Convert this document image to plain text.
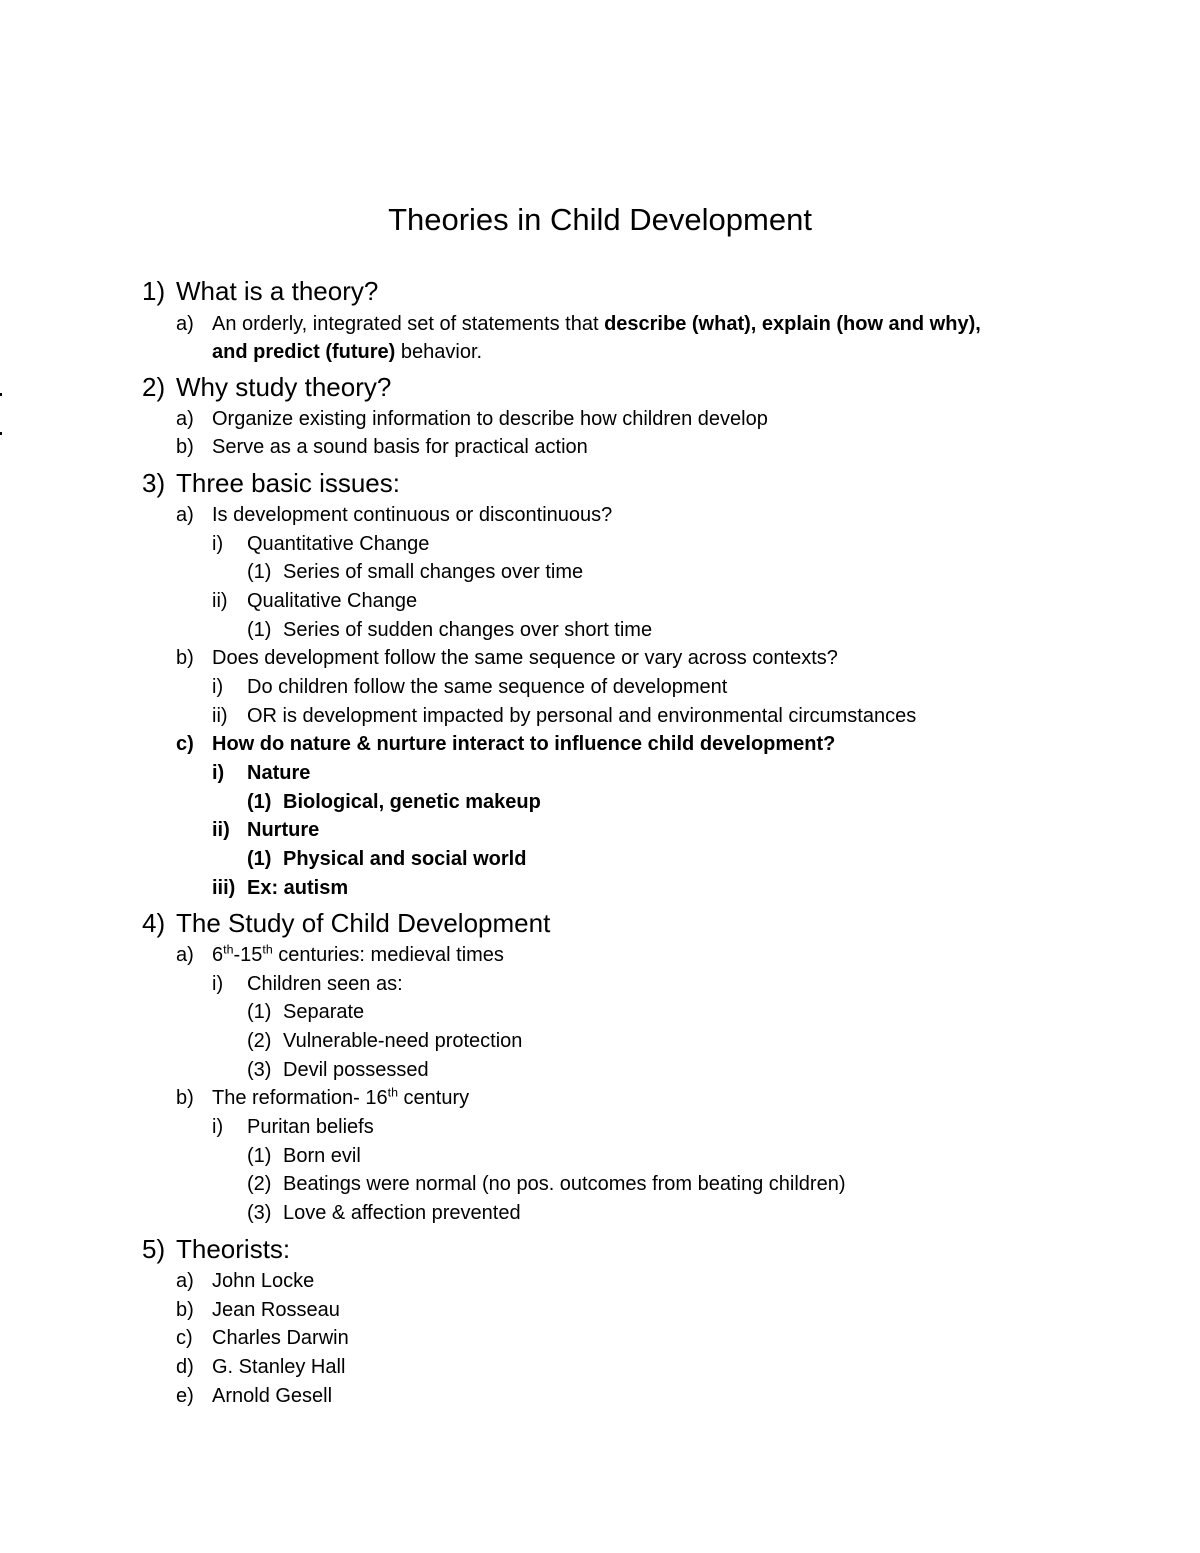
Theories in Child Development
1) What is a theory?
a) An orderly, integrated set of statements that describe (what), explain (how and why),
and predict (future) behavior.
2) Why study theory?
a) Organize existing information to describe how children develop
b) Serve as a sound basis for practical action
3) Three basic issues:
a) Is development continuous or discontinuous?
i) Quantitative Change
(1) Series of small changes over time
ii) Qualitative Change
(1) Series of sudden changes over short time
b) Does development follow the same sequence or vary across contexts?
i) Do children follow the same sequence of development
ii) OR is development impacted by personal and environmental circumstances
c) How do nature & nurture interact to influence child development?
i) Nature
(1) Biological, genetic makeup
ii) Nurture
(1) Physical and social world
iii) Ex: autism
4) The Study of Child Development
a) 6th-15th centuries: medieval times
i) Children seen as:
(1) Separate
(2) Vulnerable-need protection
(3) Devil possessed
b) The reformation- 16th century
i) Puritan beliefs
(1) Born evil
(2) Beatings were normal (no pos. outcomes from beating children)
(3) Love & affection prevented
5) Theorists:
a) John Locke
b) Jean Rosseau
c) Charles Darwin
d) G. Stanley Hall
e) Arnold Gesell
